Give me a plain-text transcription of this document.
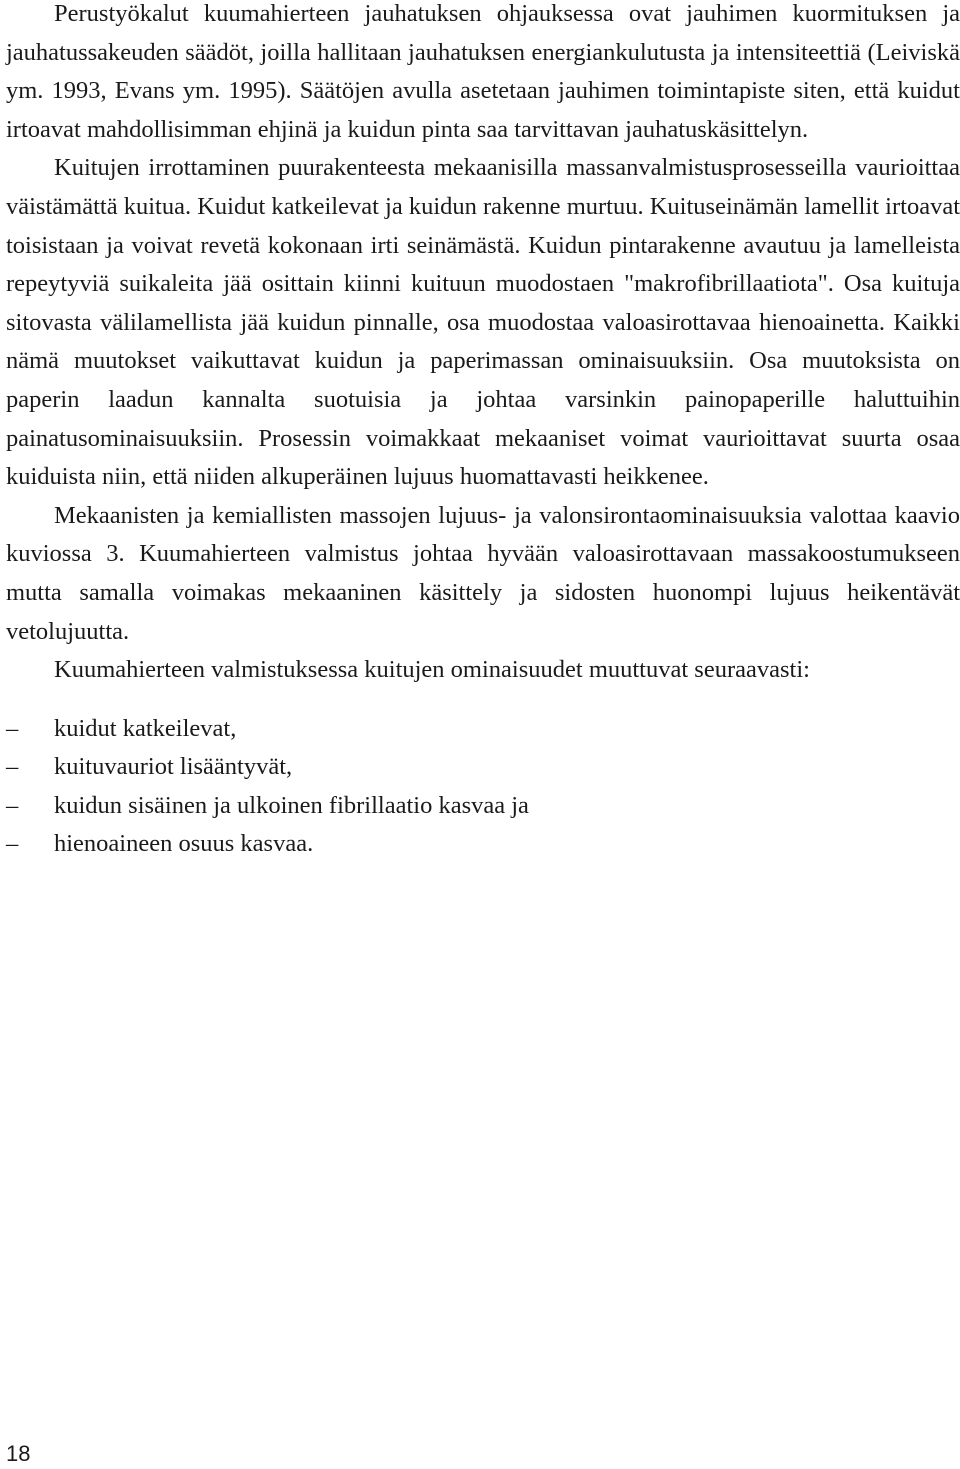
Perustyökalut kuumahierteen jauhatuksen ohjauksessa ovat jauhimen kuormituksen ja jauhatussakeuden säädöt, joilla hallitaan jauhatuksen energiankulutusta ja intensiteettiä (Leiviskä ym. 1993, Evans ym. 1995). Säätöjen avulla asetetaan jauhimen toimintapiste siten, että kuidut irtoavat mahdollisimman ehjinä ja kuidun pinta saa tarvittavan jauhatuskäsittelyn.

Kuitujen irrottaminen puurakenteesta mekaanisilla massanvalmistusprosesseilla vaurioittaa väistämättä kuitua. Kuidut katkeilevat ja kuidun rakenne murtuu. Kuituseinämän lamellit irtoavat toisistaan ja voivat revetä kokonaan irti seinämästä. Kuidun pintarakenne avautuu ja lamelleista repeytyviä suikaleita jää osittain kiinni kuituun muodostaen "makrofibrillaatiota". Osa kuituja sitovasta välilamellista jää kuidun pinnalle, osa muodostaa valoasirottavaa hienoainetta. Kaikki nämä muutokset vaikuttavat kuidun ja paperimassan ominaisuuksiin. Osa muutoksista on paperin laadun kannalta suotuisia ja johtaa varsinkin painopaperille haluttuihin painatusominaisuuksiin. Prosessin voimakkaat mekaaniset voimat vaurioittavat suurta osaa kuiduista niin, että niiden alkuperäinen lujuus huomattavasti heikkenee.

Mekaanisten ja kemiallisten massojen lujuus- ja valonsirontaominaisuuksia valottaa kaavio kuviossa 3. Kuumahierteen valmistus johtaa hyvään valoasirottavaan massakoostumukseen mutta samalla voimakas mekaaninen käsittely ja sidosten huonompi lujuus heikentävät vetolujuutta.

Kuumahierteen valmistuksessa kuitujen ominaisuudet muuttuvat seuraavasti:

–	kuidut katkeilevat,
–	kuituvauriot lisääntyvät,
–	kuidun sisäinen ja ulkoinen fibrillaatio kasvaa ja
–	hienoaineen osuus kasvaa.
18
